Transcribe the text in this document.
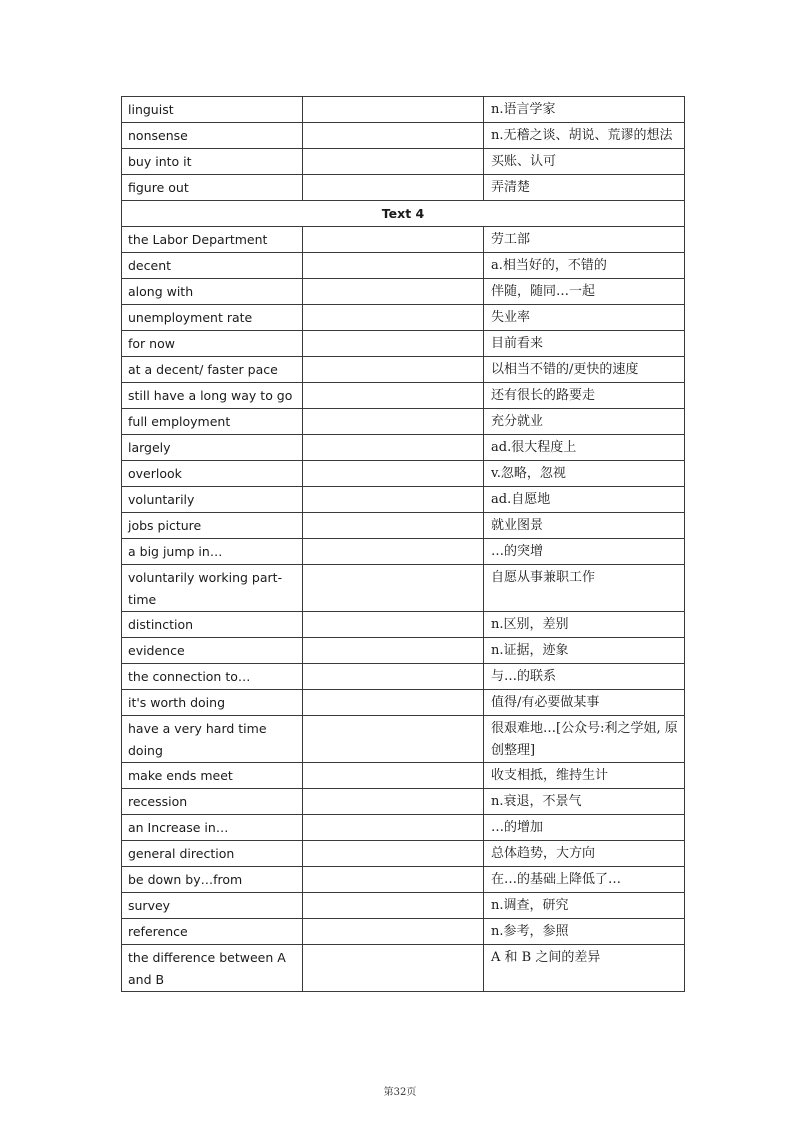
linguist		n.语言学家
nonsense		n.无稽之谈、胡说、荒谬的想法
buy into it		买账、认可
figure out		弄清楚
Text 4		
the Labor Department		劳工部
decent		a.相当好的，不错的
along with		伴随，随同…一起
unemployment rate		失业率
for now		目前看来
at a decent/ faster pace		以相当不错的/更快的速度
still have a long way to go		还有很长的路要走
full employment		充分就业
largely		ad.很大程度上
overlook		v.忽略，忽视
voluntarily		ad.自愿地
jobs picture		就业图景
a big jump in…		…的突增
voluntarily working part-time		自愿从事兼职工作
distinction		n.区别，差别
evidence		n.证据，迹象
the connection to…		与…的联系
it's worth doing		值得/有必要做某事
have a very hard time doing		很艰难地…[公众号:利之学姐, 原创整理]
make ends meet		收支相抵，维持生计
recession		n.衰退，不景气
an Increase in…		…的增加
general direction		总体趋势，大方向
be down by…from		在…的基础上降低了…
survey		n.调查，研究
reference		n.参考，参照
the difference between A and B		A 和 B 之间的差异
第32页
